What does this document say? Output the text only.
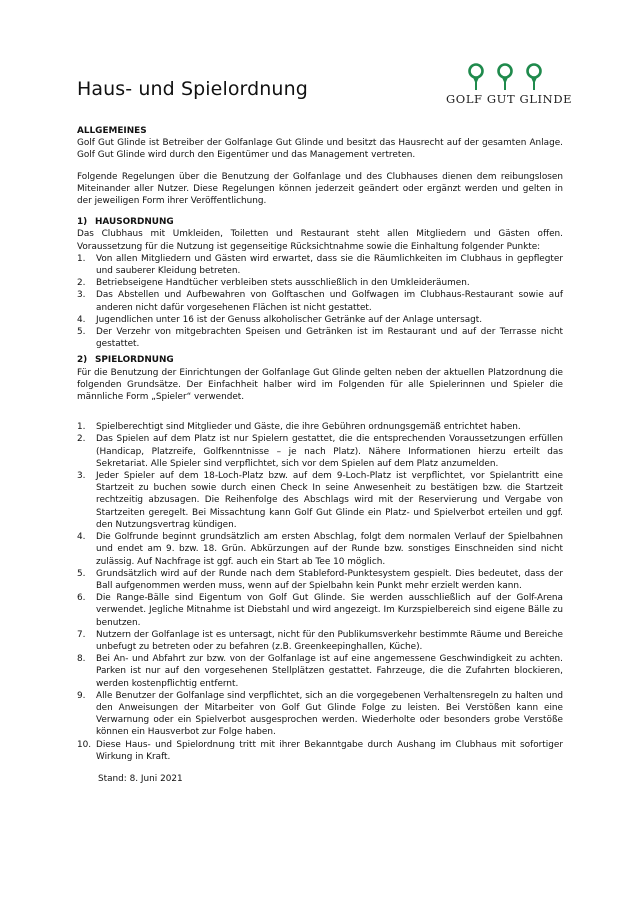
Haus- und Spielordnung	GOLF GUT GLINDE

ALLGEMEINES

Golf Gut Glinde ist Betreiber der Golfanlage Gut Glinde und besitzt das Hausrecht auf der gesamten Anlage. Golf Gut Glinde wird durch den Eigentümer und das Management vertreten.

Folgende Regelungen über die Benutzung der Golfanlage und des Clubhauses dienen dem reibungslosen Miteinander aller Nutzer. Diese Regelungen können jederzeit geändert oder ergänzt werden und gelten in der jeweiligen Form ihrer Veröffentlichung.

1) HAUSORDNUNG

Das Clubhaus mit Umkleiden, Toiletten und Restaurant steht allen Mitgliedern und Gästen offen. Voraussetzung für die Nutzung ist gegenseitige Rücksichtnahme sowie die Einhaltung folgender Punkte:

1.	Von allen Mitgliedern und Gästen wird erwartet, dass sie die Räumlichkeiten im Clubhaus in gepflegter und sauberer Kleidung betreten.
2.	Betriebseigene Handtücher verbleiben stets ausschließlich in den Umkleideräumen.
3.	Das Abstellen und Aufbewahren von Golftaschen und Golfwagen im Clubhaus-Restaurant sowie auf anderen nicht dafür vorgesehenen Flächen ist nicht gestattet.
4.	Jugendlichen unter 16 ist der Genuss alkoholischer Getränke auf der Anlage untersagt.
5.	Der Verzehr von mitgebrachten Speisen und Getränken ist im Restaurant und auf der Terrasse nicht gestattet.
2) SPIELORDNUNG

Für die Benutzung der Einrichtungen der Golfanlage Gut Glinde gelten neben der aktuellen Platzordnung die folgenden Grundsätze. Der Einfachheit halber wird im Folgenden für alle Spielerinnen und Spieler die männliche Form „Spieler“ verwendet.

1.	Spielberechtigt sind Mitglieder und Gäste, die ihre Gebühren ordnungsgemäß entrichtet haben.
2.	Das Spielen auf dem Platz ist nur Spielern gestattet, die die entsprechenden Voraussetzungen erfüllen (Handicap, Platzreife, Golfkenntnisse – je nach Platz). Nähere Informationen hierzu erteilt das Sekretariat. Alle Spieler sind verpflichtet, sich vor dem Spielen auf dem Platz anzumelden.
3.	Jeder Spieler auf dem 18-Loch-Platz bzw. auf dem 9-Loch-Platz ist verpflichtet, vor Spielantritt eine Startzeit zu buchen sowie durch einen Check In seine Anwesenheit zu bestätigen bzw. die Startzeit rechtzeitig abzusagen. Die Reihenfolge des Abschlags wird mit der Reservierung und Vergabe von Startzeiten geregelt. Bei Missachtung kann Golf Gut Glinde ein Platz- und Spielverbot erteilen und ggf. den Nutzungsvertrag kündigen.
4.	Die Golfrunde beginnt grundsätzlich am ersten Abschlag, folgt dem normalen Verlauf der Spielbahnen und endet am 9. bzw. 18. Grün. Abkürzungen auf der Runde bzw. sonstiges Einschneiden sind nicht zulässig. Auf Nachfrage ist ggf. auch ein Start ab Tee 10 möglich.
5.	Grundsätzlich wird auf der Runde nach dem Stableford-Punktesystem gespielt. Dies bedeutet, dass der Ball aufgenommen werden muss, wenn auf der Spielbahn kein Punkt mehr erzielt werden kann.
6.	Die Range-Bälle sind Eigentum von Golf Gut Glinde. Sie werden ausschließlich auf der Golf-Arena verwendet. Jegliche Mitnahme ist Diebstahl und wird angezeigt. Im Kurzspielbereich sind eigene Bälle zu benutzen.
7.	Nutzern der Golfanlage ist es untersagt, nicht für den Publikumsverkehr bestimmte Räume und Bereiche unbefugt zu betreten oder zu befahren (z.B. Greenkeepinghallen, Küche).
8.	Bei An- und Abfahrt zur bzw. von der Golfanlage ist auf eine angemessene Geschwindigkeit zu achten. Parken ist nur auf den vorgesehenen Stellplätzen gestattet. Fahrzeuge, die die Zufahrten blockieren, werden kostenpflichtig entfernt.
9.	Alle Benutzer der Golfanlage sind verpflichtet, sich an die vorgegebenen Verhaltensregeln zu halten und den Anweisungen der Mitarbeiter von Golf Gut Glinde Folge zu leisten. Bei Verstößen kann eine Verwarnung oder ein Spielverbot ausgesprochen werden. Wiederholte oder besonders grobe Verstöße können ein Hausverbot zur Folge haben.
10. Diese Haus- und Spielordnung tritt mit ihrer Bekanntgabe durch Aushang im Clubhaus mit sofortiger Wirkung in Kraft.

Stand: 8. Juni 2021
